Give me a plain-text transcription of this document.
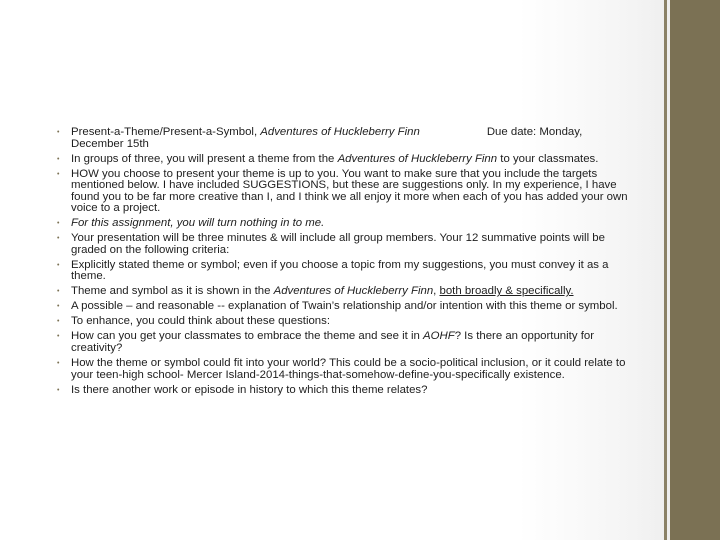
• Present-a-Theme/Present-a-Symbol, Adventures of Huckleberry Finn	Due date: Monday, December 15th
• In groups of three, you will present a theme from the Adventures of Huckleberry Finn to your classmates.
• HOW you choose to present your theme is up to you. You want to make sure that you include the targets mentioned below. I have included SUGGESTIONS, but these are suggestions only. In my experience, I have found you to be far more creative than I, and I think we all enjoy it more when each of you has added your own voice to a project.
• For this assignment, you will turn nothing in to me.
• Your presentation will be three minutes & will include all group members. Your 12 summative points will be graded on the following criteria:
• Explicitly stated theme or symbol; even if you choose a topic from my suggestions, you must convey it as a theme.
• Theme and symbol as it is shown in the Adventures of Huckleberry Finn, both broadly & specifically.
• A possible – and reasonable -- explanation of Twain’s relationship and/or intention with this theme or symbol.
• To enhance, you could think about these questions:
• How can you get your classmates to embrace the theme and see it in AOHF? Is there an opportunity for creativity?
• How the theme or symbol could fit into your world? This could be a socio-political inclusion, or it could relate to your teen-high school- Mercer Island-2014-things-that-somehow-define-you-specifically existence.
• Is there another work or episode in history to which this theme relates?
